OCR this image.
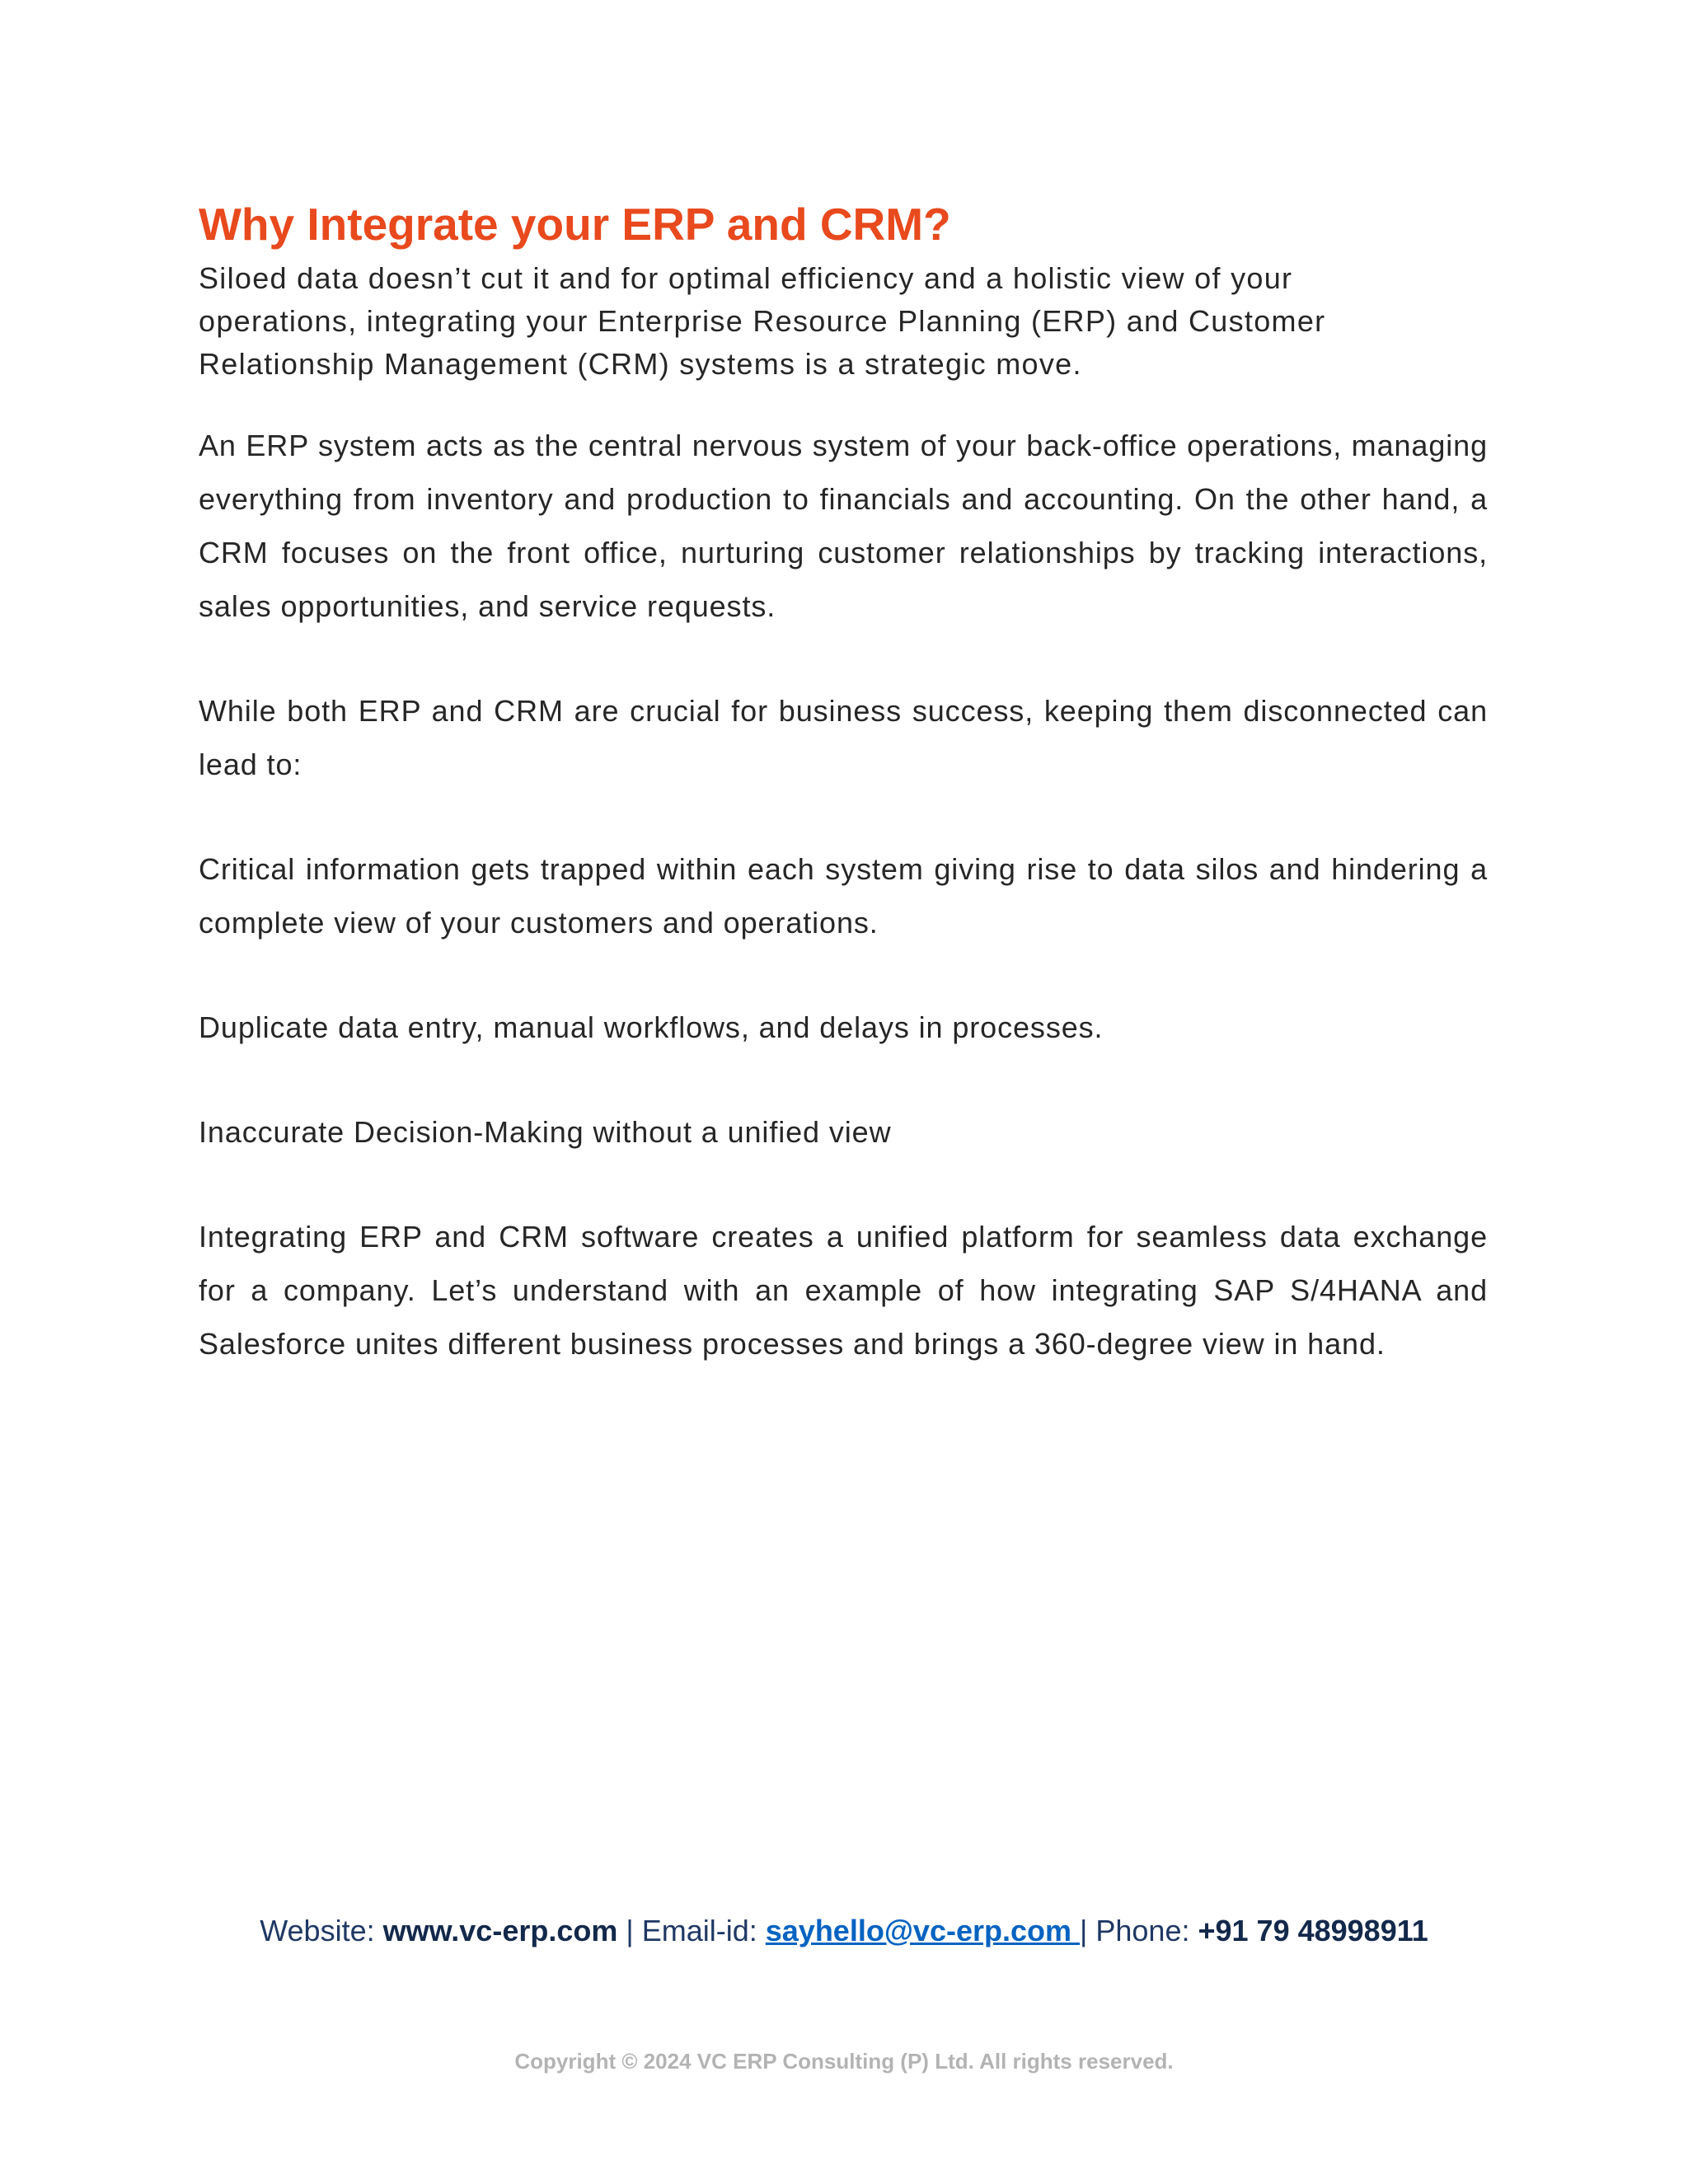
Why Integrate your ERP and CRM?

Siloed data doesn’t cut it and for optimal efficiency and a holistic view of your operations, integrating your Enterprise Resource Planning (ERP) and Customer Relationship Management (CRM) systems is a strategic move.

An ERP system acts as the central nervous system of your back-office operations, managing everything from inventory and production to financials and accounting. On the other hand, a CRM focuses on the front office, nurturing customer relationships by tracking interactions, sales opportunities, and service requests.

While both ERP and CRM are crucial for business success, keeping them disconnected can lead to:

Critical information gets trapped within each system giving rise to data silos and hindering a complete view of your customers and operations.

Duplicate data entry, manual workflows, and delays in processes.

Inaccurate Decision-Making without a unified view

Integrating ERP and CRM software creates a unified platform for seamless data exchange for a company. Let’s understand with an example of how integrating SAP S/4HANA and Salesforce unites different business processes and brings a 360-degree view in hand.

Website: www.vc-erp.com | Email-id: sayhello@vc-erp.com | Phone: +91 79 48998911
Copyright © 2024 VC ERP Consulting (P) Ltd. All rights reserved.
